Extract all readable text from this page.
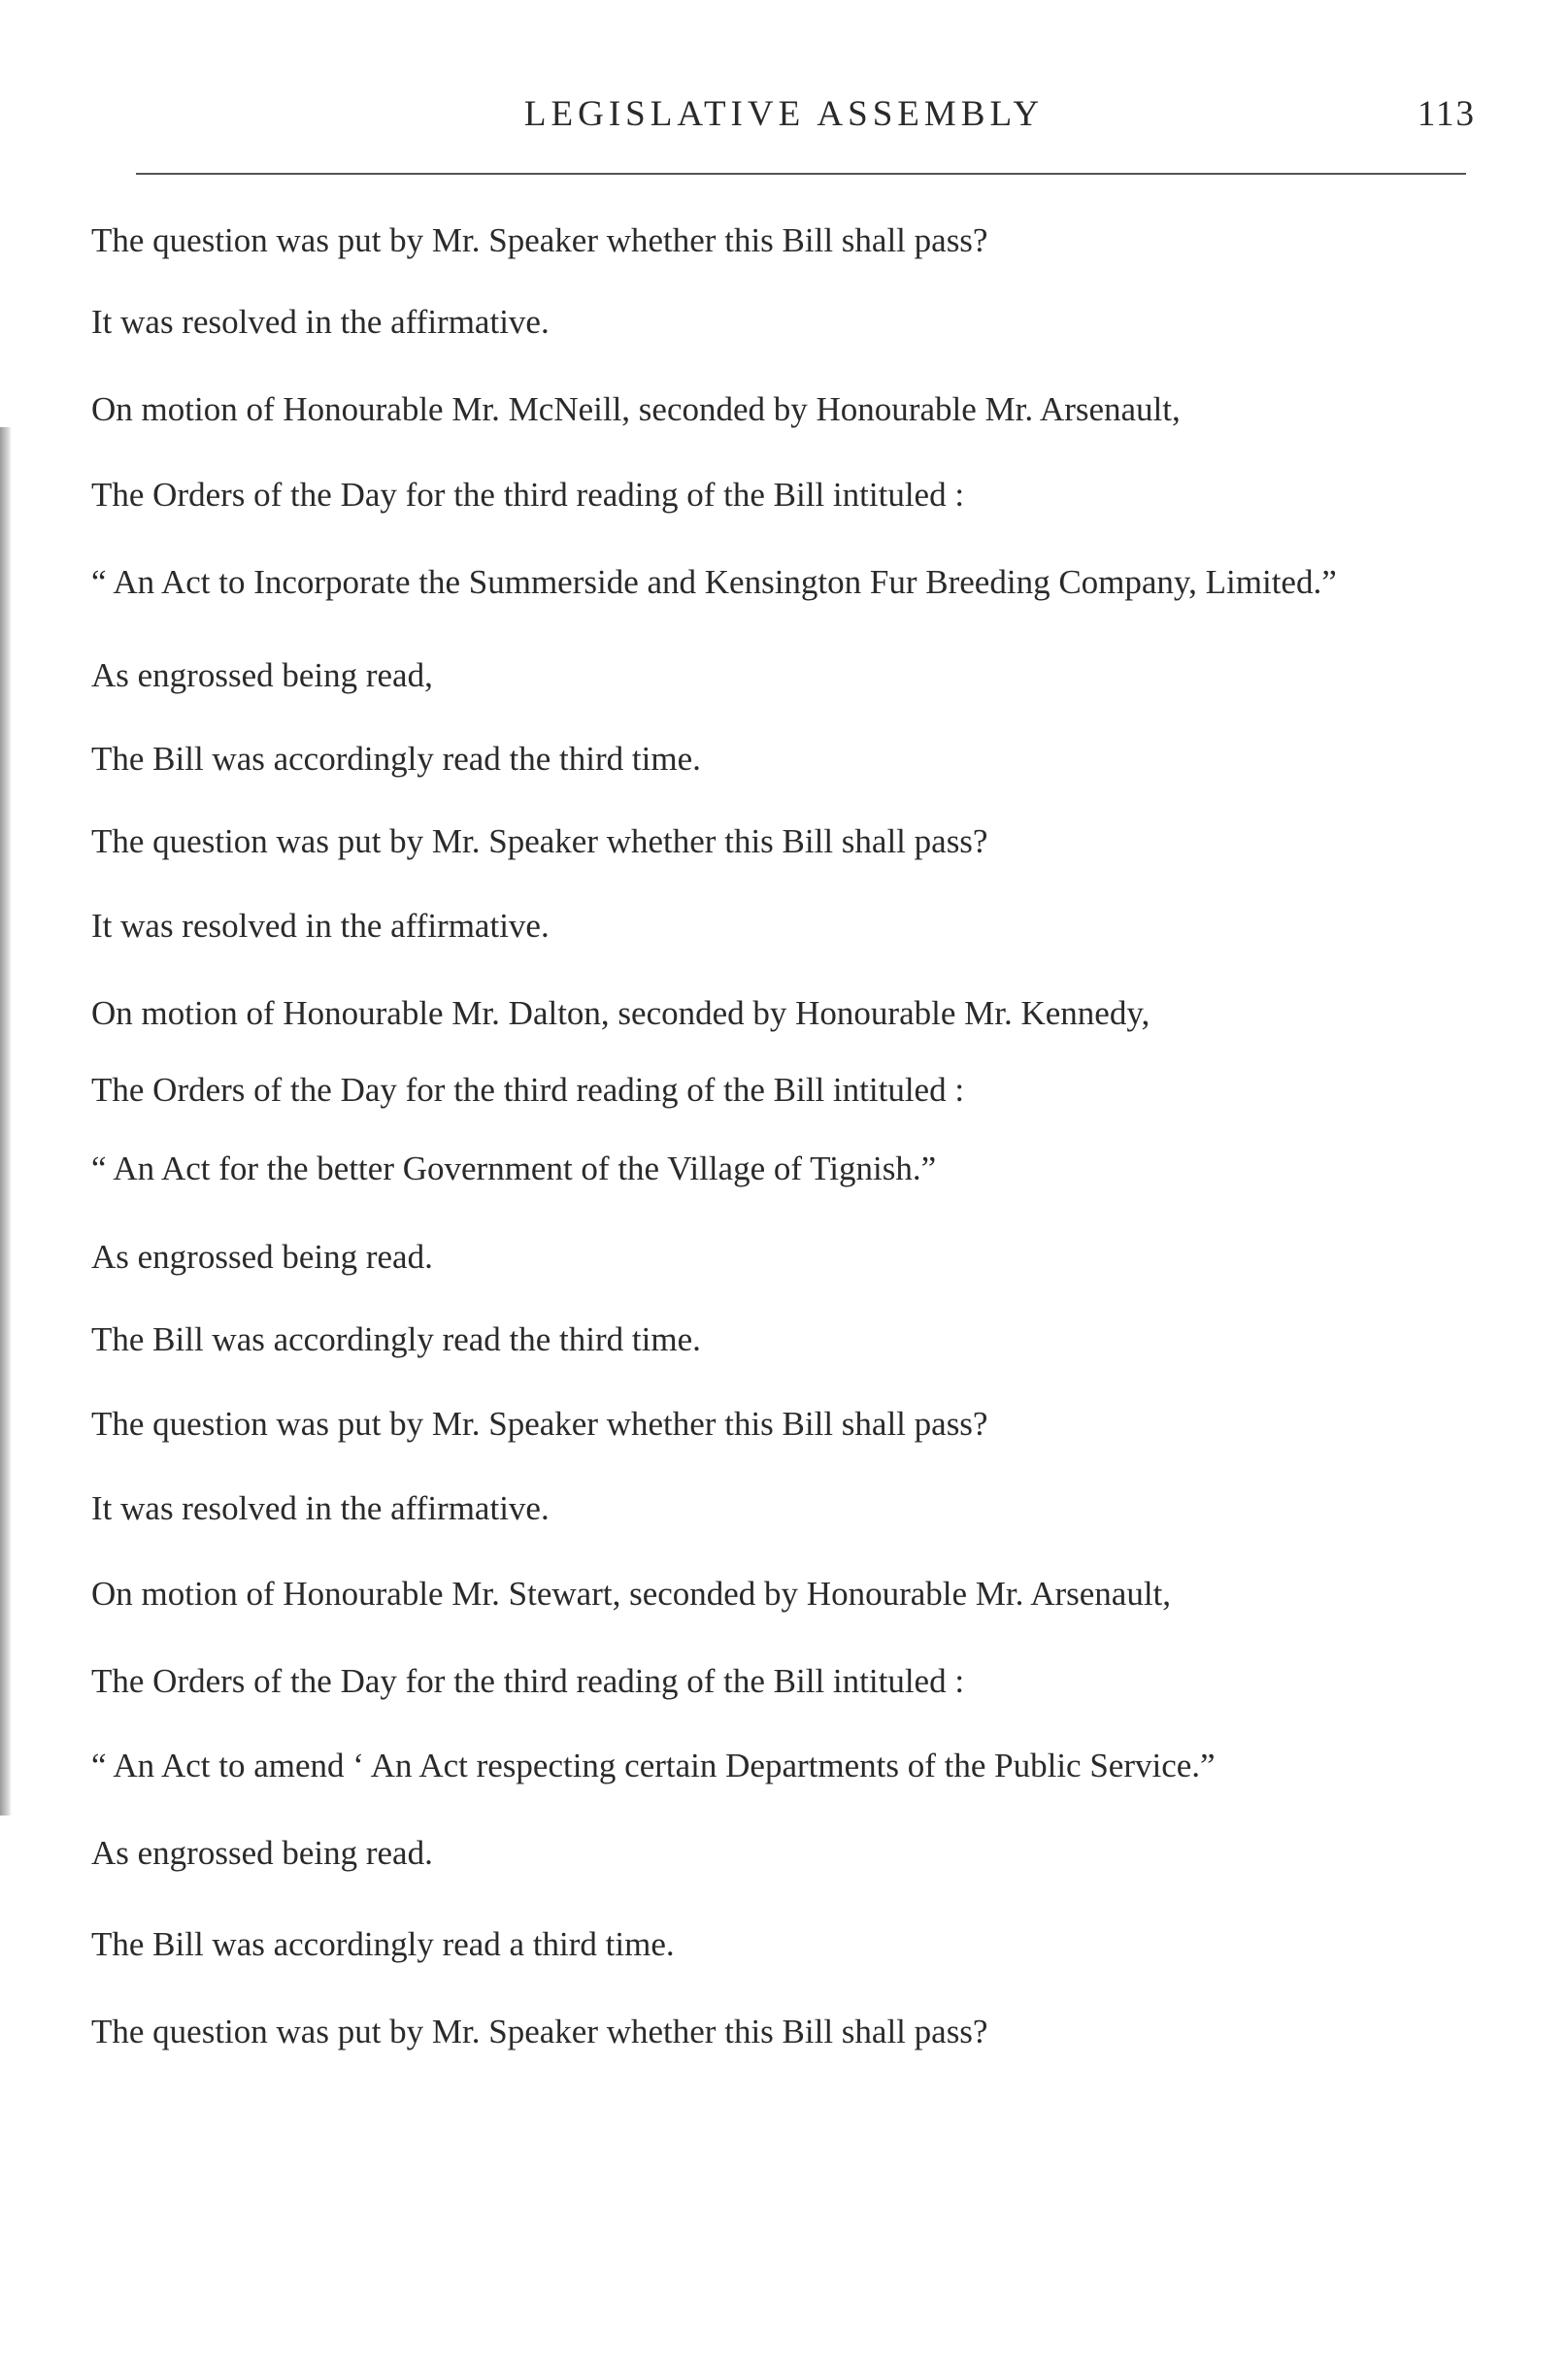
LEGISLATIVE ASSEMBLY	113

The question was put by Mr. Speaker whether this Bill shall pass?

It was resolved in the affirmative.

On motion of Honourable Mr. McNeill, seconded by Honourable Mr. Arsenault,

The Orders of the Day for the third reading of the Bill intituled :

“ An Act to Incorporate the Summerside and Kensington Fur Breeding Company, Limited.”

As engrossed being read,

The Bill was accordingly read the third time.

The question was put by Mr. Speaker whether this Bill shall pass?

It was resolved in the affirmative.

On motion of Honourable Mr. Dalton, seconded by Honourable Mr. Kennedy,

The Orders of the Day for the third reading of the Bill intituled :

“ An Act for the better Government of the Village of Tignish.”

As engrossed being read.

The Bill was accordingly read the third time.

The question was put by Mr. Speaker whether this Bill shall pass?

It was resolved in the affirmative.

On motion of Honourable Mr. Stewart, seconded by Honourable Mr. Arsenault,

The Orders of the Day for the third reading of the Bill intituled :

“ An Act to amend ‘ An Act respecting certain Departments of the Public Service.”

As engrossed being read.

The Bill was accordingly read a third time.

The question was put by Mr. Speaker whether this Bill shall pass?
